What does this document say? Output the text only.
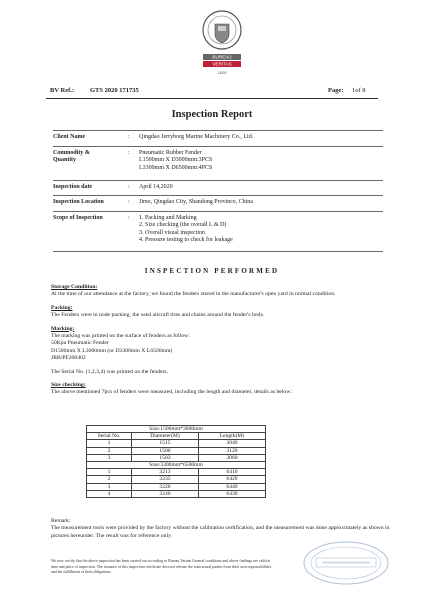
BUREAU
VERITAS
1828
BV Ref.: GTS 2020 171735	Page: 1of 8
Inspection Report
Client Name	: Qingdao Jerryborg Marine Machinery Co., Ltd.
Commodity &
Quantity
: Pneumatic Rubber Fender
L1500mm X D3000mm:3PCS
L3300mm X D6500mm:4PCS
Inspection date	: April 14,2020
Inspection Location	: Jimo, Qingdao City, Shandong Province, China
Scope of Inspection	: 1. Packing and Marking
2. Size checking (the overall L & D)
3. Overall visual inspection
4. Pressure testing to check for leakage
INSPECTION PERFORMED

Storage Condition:

At the time of our attendance at the factory, we found the fenders stored in the manufacturer's open yard in normal condition.

Packing:

The Fenders were in nude packing, the used aircraft tires and chains around the fender's body.

Marking:

The marking was printed on the surface of fenders as follow:

50Kpa Pneumatic Fender

D1500mm X L3000mm (or D3300mm X L6500mm)

JRB/PF200402

The Serial No. (1,2,3,4) was printed on the fenders.

Size checking:

The above mentioned 7pcs of fenders were measured, including the length and diameter, details as below:

Size:1500mm*3000mm		
Serial No.	Diameter(M)	Length(M)
1	1515	3040
2	1506	3120
3	1503	3060
Size:3300mm*6500mm		
1	3213	6410
2	3235	6420
3	3220	6440
4	3240	6430

Remark:

The measurement tools were provided by the factory without the calibration certification, and the measurement was done approximately as shown in pictures hereunder. The result was for reference only.

We now certify that the above inspection has been carried out according to Bureau Veritas General conditions and above findings are valid at

time and place of inspection. The issuance of this inspection certificate does not release the contractual parties from their own responsibilities

and the fulfillment of their obligations.
